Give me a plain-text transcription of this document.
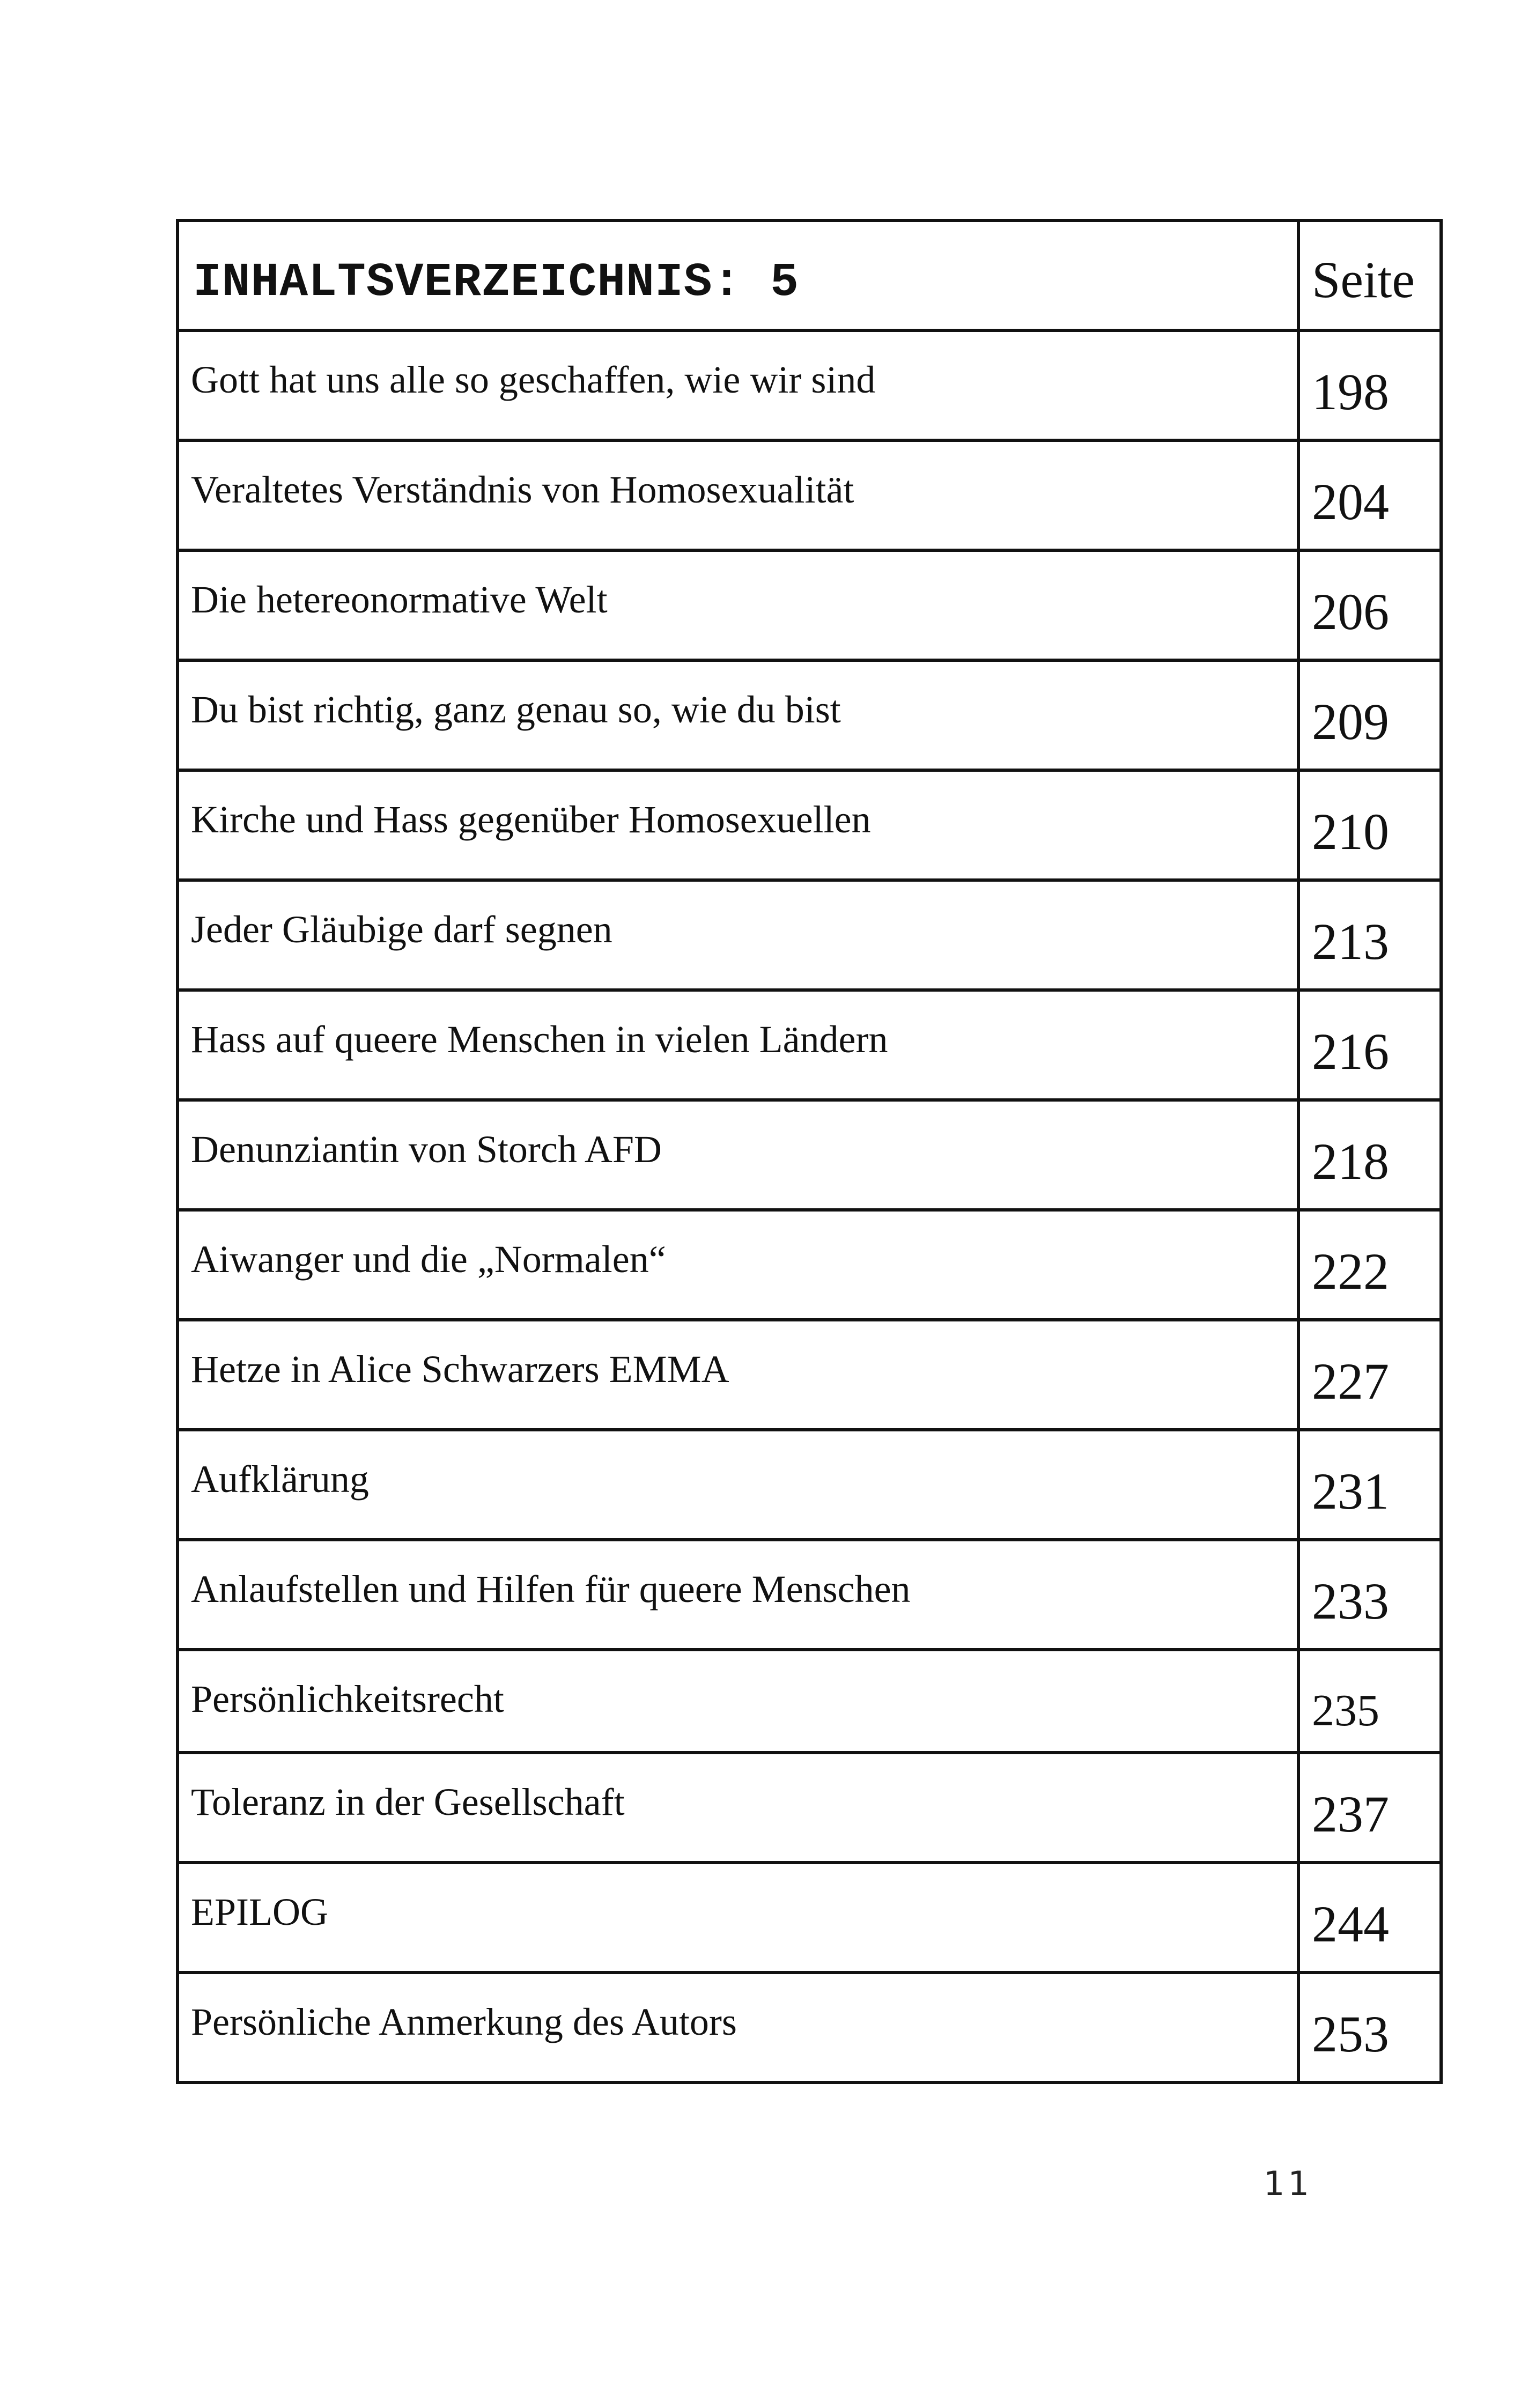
INHALTSVERZEICHNIS: 5	Seite

Gott hat uns alle so geschaffen, wie wir sind	198

Veraltetes Verständnis von Homosexualität	204

Die hetereonormative Welt	206

Du bist richtig, ganz genau so, wie du bist	209

Kirche und Hass gegenüber Homosexuellen	210

Jeder Gläubige darf segnen	213

Hass auf queere Menschen in vielen Ländern	216

Denunziantin von Storch AFD	218

Aiwanger und die „Normalen“	222

Hetze in Alice Schwarzers EMMA	227

Aufklärung	231

Anlaufstellen und Hilfen für queere Menschen	233

Persönlichkeitsrecht	235

Toleranz in der Gesellschaft	237

EPILOG	244

Persönliche Anmerkung des Autors	253
11
